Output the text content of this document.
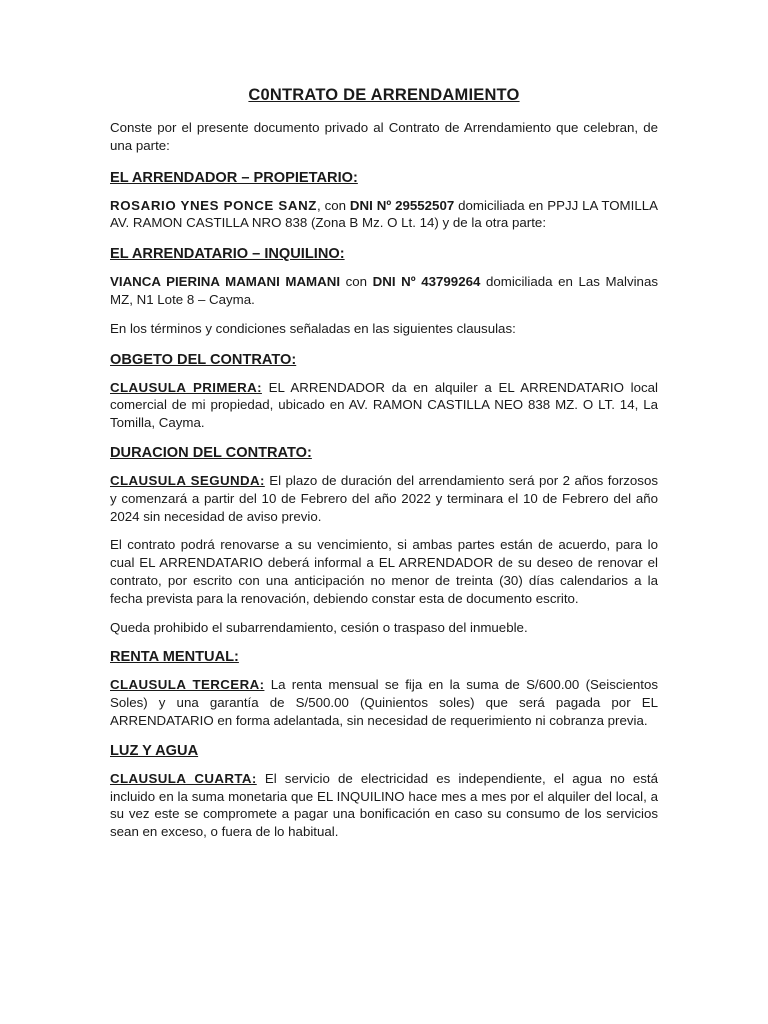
C0NTRATO DE ARRENDAMIENTO

Conste por el presente documento privado al Contrato de Arrendamiento que celebran, de una parte:

EL ARRENDADOR – PROPIETARIO:

ROSARIO YNES PONCE SANZ, con DNI Nº 29552507 domiciliada en PPJJ LA TOMILLA AV. RAMON CASTILLA NRO 838 (Zona B Mz. O Lt. 14) y de la otra parte:

EL ARRENDATARIO – INQUILINO:

VIANCA PIERINA MAMANI MAMANI con DNI Nº 43799264 domiciliada en Las Malvinas MZ, N1 Lote 8 – Cayma.

En los términos y condiciones señaladas en las siguientes clausulas:

OBGETO DEL CONTRATO:

CLAUSULA PRIMERA: EL ARRENDADOR da en alquiler a EL ARRENDATARIO local comercial de mi propiedad, ubicado en AV. RAMON CASTILLA NEO 838 MZ. O LT. 14, La Tomilla, Cayma.

DURACION DEL CONTRATO:

CLAUSULA SEGUNDA: El plazo de duración del arrendamiento será por 2 años forzosos y comenzará a partir del 10 de Febrero del año 2022 y terminara el 10 de Febrero del año 2024 sin necesidad de aviso previo.

El contrato podrá renovarse a su vencimiento, si ambas partes están de acuerdo, para lo cual EL ARRENDATARIO deberá informal a EL ARRENDADOR de su deseo de renovar el contrato, por escrito con una anticipación no menor de treinta (30) días calendarios a la fecha prevista para la renovación, debiendo constar esta de documento escrito.

Queda prohibido el subarrendamiento, cesión o traspaso del inmueble.

RENTA MENTUAL:

CLAUSULA TERCERA: La renta mensual se fija en la suma de S/600.00 (Seiscientos Soles) y una garantía de S/500.00 (Quinientos soles) que será pagada por EL ARRENDATARIO en forma adelantada, sin necesidad de requerimiento ni cobranza previa.

LUZ Y AGUA

CLAUSULA CUARTA: El servicio de electricidad es independiente, el agua no está incluido en la suma monetaria que EL INQUILINO hace mes a mes por el alquiler del local, a su vez este se compromete a pagar una bonificación en caso su consumo de los servicios sean en exceso, o fuera de lo habitual.
